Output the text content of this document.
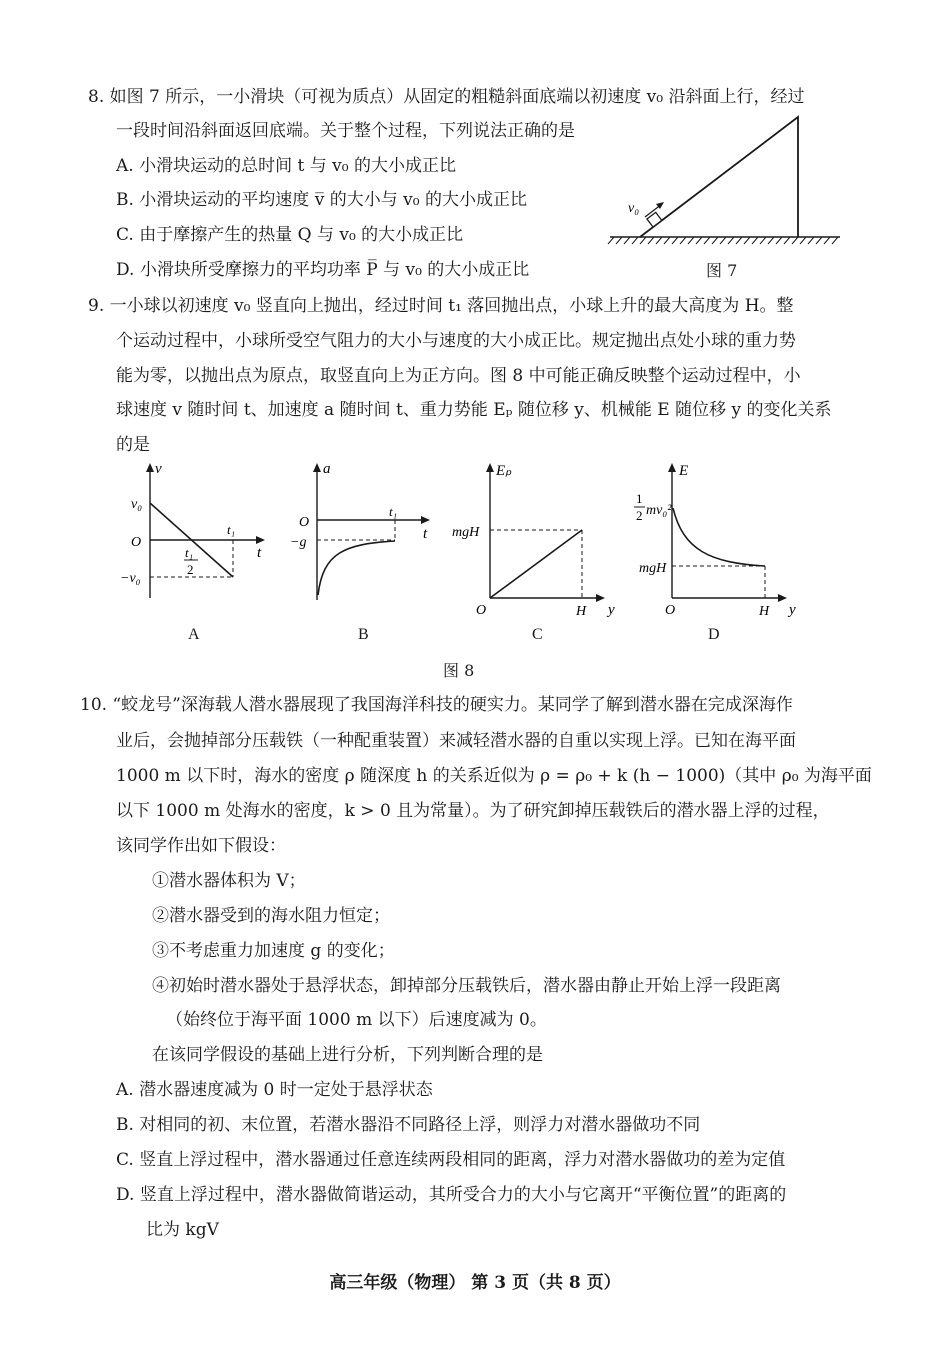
8. 如图 7 所示，一小滑块（可视为质点）从固定的粗糙斜面底端以初速度 v₀ 沿斜面上行，经过
一段时间沿斜面返回底端。关于整个过程，下列说法正确的是
A. 小滑块运动的总时间 t 与 v₀ 的大小成正比
B. 小滑块运动的平均速度 v̅ 的大小与 v₀ 的大小成正比
C. 由于摩擦产生的热量 Q 与 v₀ 的大小成正比
D. 小滑块所受摩擦力的平均功率 P̅ 与 v₀ 的大小成正比
v₀
图 7
9. 一小球以初速度 v₀ 竖直向上抛出，经过时间 t₁ 落回抛出点，小球上升的最大高度为 H。整
个运动过程中，小球所受空气阻力的大小与速度的大小成正比。规定抛出点处小球的重力势
能为零，以抛出点为原点，取竖直向上为正方向。图 8 中可能正确反映整个运动过程中，小
球速度 v 随时间 t、加速度 a 随时间 t、重力势能 Eₚ 随位移 y、机械能 E 随位移 y 的变化关系
的是
v
t
v₀
O
t₁
t₁
2
−v₀
A
a
t
O
−g
t₁
B
Eₚ
mgH
O	H y
C
E
1
2 mv₀²
mgH
O	H y
D
图 8
10. “蛟龙号”深海载人潜水器展现了我国海洋科技的硬实力。某同学了解到潜水器在完成深海作
业后，会抛掉部分压载铁（一种配重装置）来减轻潜水器的自重以实现上浮。已知在海平面
1000 m 以下时，海水的密度 ρ 随深度 h 的关系近似为 ρ = ρ₀ + k (h − 1000)（其中 ρ₀ 为海平面
以下 1000 m 处海水的密度，k > 0 且为常量）。为了研究卸掉压载铁后的潜水器上浮的过程，
该同学作出如下假设：
①潜水器体积为 V；
②潜水器受到的海水阻力恒定；
③不考虑重力加速度 g 的变化；
④初始时潜水器处于悬浮状态，卸掉部分压载铁后，潜水器由静止开始上浮一段距离
（始终位于海平面 1000 m 以下）后速度减为 0。
在该同学假设的基础上进行分析，下列判断合理的是
A. 潜水器速度减为 0 时一定处于悬浮状态
B. 对相同的初、末位置，若潜水器沿不同路径上浮，则浮力对潜水器做功不同
C. 竖直上浮过程中，潜水器通过任意连续两段相同的距离，浮力对潜水器做功的差为定值
D. 竖直上浮过程中，潜水器做简谐运动，其所受合力的大小与它离开“平衡位置”的距离的
比为 kgV
高三年级（物理） 第 3 页（共 8 页）
